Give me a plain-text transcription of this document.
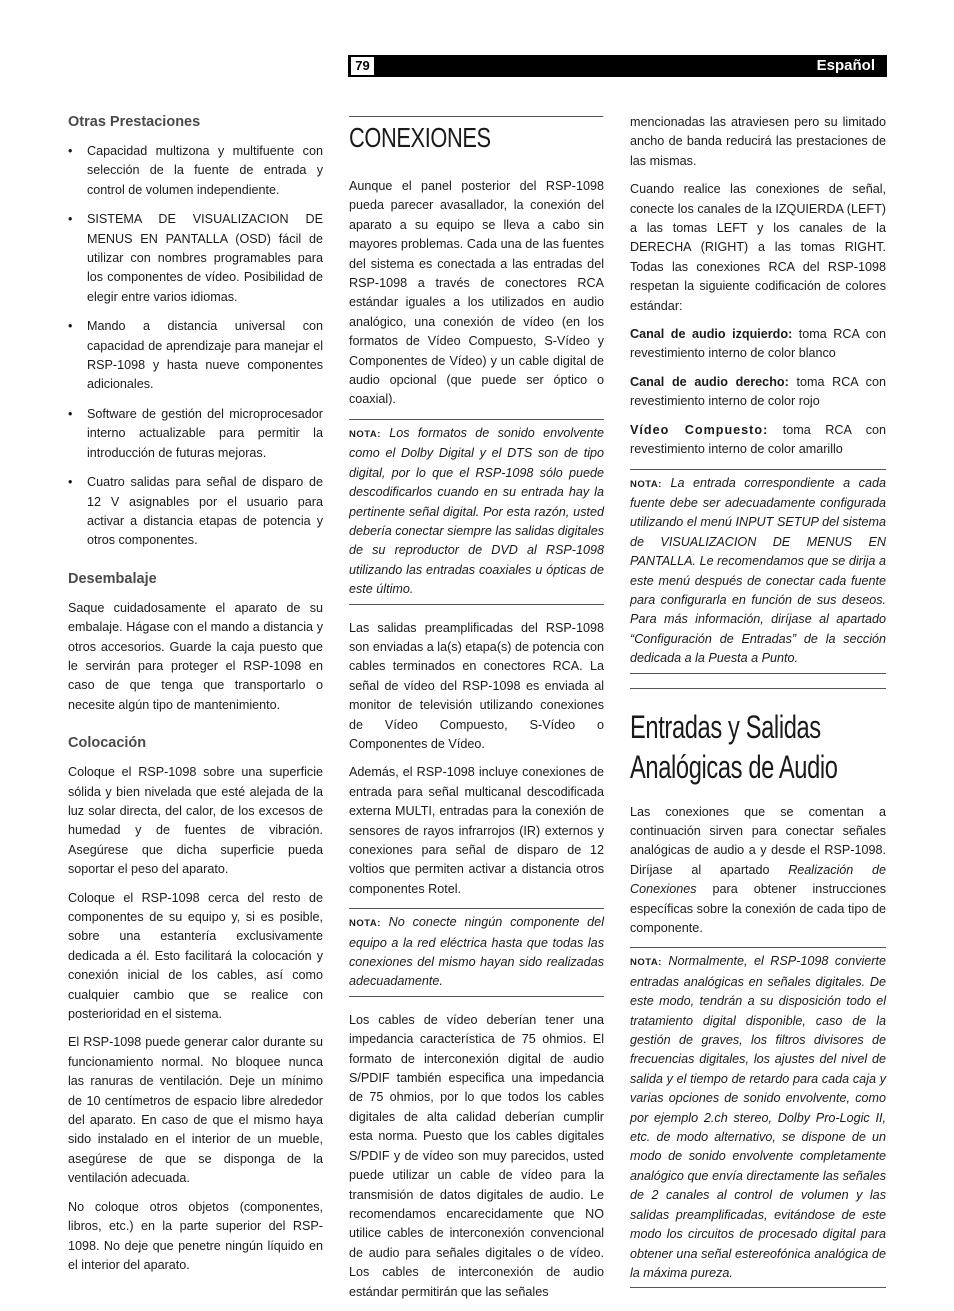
79	Español
Otras Prestaciones
• Capacidad multizona y multifuente con selección de la fuente de entrada y control de volumen independiente.
• SISTEMA DE VISUALIZACION DE MENUS EN PANTALLA (OSD) fácil de utilizar con nombres programables para los componentes de vídeo. Posibilidad de elegir entre varios idiomas.
• Mando a distancia universal con capacidad de aprendizaje para manejar el RSP-1098 y hasta nueve componentes adicionales.
• Software de gestión del microprocesador interno actualizable para permitir la introducción de futuras mejoras.
• Cuatro salidas para señal de disparo de 12 V asignables por el usuario para activar a distancia etapas de potencia y otros componentes.
Desembalaje

Saque cuidadosamente el aparato de su embalaje. Hágase con el mando a distancia y otros accesorios. Guarde la caja puesto que le servirán para proteger el RSP-1098 en caso de que tenga que transportarlo o necesite algún tipo de mantenimiento.

Colocación

Coloque el RSP-1098 sobre una superficie sólida y bien nivelada que esté alejada de la luz solar directa, del calor, de los excesos de humedad y de fuentes de vibración. Asegúrese que dicha superficie pueda soportar el peso del aparato.

Coloque el RSP-1098 cerca del resto de componentes de su equipo y, si es posible, sobre una estantería exclusivamente dedicada a él. Esto facilitará la colocación y conexión inicial de los cables, así como cualquier cambio que se realice con posterioridad en el sistema.

El RSP-1098 puede generar calor durante su funcionamiento normal. No bloquee nunca las ranuras de ventilación. Deje un mínimo de 10 centímetros de espacio libre alrededor del aparato. En caso de que el mismo haya sido instalado en el interior de un mueble, asegúrese de que se disponga de la ventilación adecuada.

No coloque otros objetos (componentes, libros, etc.) en la parte superior del RSP-1098. No deje que penetre ningún líquido en el interior del aparato.

CONEXIONES

Aunque el panel posterior del RSP-1098 pueda parecer avasallador, la conexión del aparato a su equipo se lleva a cabo sin mayores problemas. Cada una de las fuentes del sistema es conectada a las entradas del RSP-1098 a través de conectores RCA estándar iguales a los utilizados en audio analógico, una conexión de vídeo (en los formatos de Vídeo Compuesto, S-Vídeo y Componentes de Vídeo) y un cable digital de audio opcional (que puede ser óptico o coaxial).

NOTA: Los formatos de sonido envolvente como el Dolby Digital y el DTS son de tipo digital, por lo que el RSP-1098 sólo puede descodificarlos cuando en su entrada hay la pertinente señal digital. Por esta razón, usted debería conectar siempre las salidas digitales de su reproductor de DVD al RSP-1098 utilizando las entradas coaxiales u ópticas de este último.

Las salidas preamplificadas del RSP-1098 son enviadas a la(s) etapa(s) de potencia con cables terminados en conectores RCA. La señal de vídeo del RSP-1098 es enviada al monitor de televisión utilizando conexiones de Vídeo Compuesto, S-Vídeo o Componentes de Vídeo.

Además, el RSP-1098 incluye conexiones de entrada para señal multicanal descodificada externa MULTI, entradas para la conexión de sensores de rayos infrarrojos (IR) externos y conexiones para señal de disparo de 12 voltios que permiten activar a distancia otros componentes Rotel.

NOTA: No conecte ningún componente del equipo a la red eléctrica hasta que todas las conexiones del mismo hayan sido realizadas adecuadamente.

Los cables de vídeo deberían tener una impedancia característica de 75 ohmios. El formato de interconexión digital de audio S/PDIF también especifica una impedancia de 75 ohmios, por lo que todos los cables digitales de alta calidad deberían cumplir esta norma. Puesto que los cables digitales S/PDIF y de vídeo son muy parecidos, usted puede utilizar un cable de vídeo para la transmisión de datos digitales de audio. Le recomendamos encarecidamente que NO utilice cables de interconexión convencional de audio para señales digitales o de vídeo. Los cables de interconexión de audio estándar permitirán que las señales

mencionadas las atraviesen pero su limitado ancho de banda reducirá las prestaciones de las mismas.

Cuando realice las conexiones de señal, conecte los canales de la IZQUIERDA (LEFT) a las tomas LEFT y los canales de la DERECHA (RIGHT) a las tomas RIGHT. Todas las conexiones RCA del RSP-1098 respetan la siguiente codificación de colores estándar:

Canal de audio izquierdo: toma RCA con revestimiento interno de color blanco

Canal de audio derecho: toma RCA con revestimiento interno de color rojo

Vídeo Compuesto: toma RCA con revestimiento interno de color amarillo

NOTA: La entrada correspondiente a cada fuente debe ser adecuadamente configurada utilizando el menú INPUT SETUP del sistema de VISUALIZACION DE MENUS EN PANTALLA. Le recomendamos que se dirija a este menú después de conectar cada fuente para configurarla en función de sus deseos. Para más información, diríjase al apartado “Configuración de Entradas” de la sección dedicada a la Puesta a Punto.
Entradas y Salidas
Analógicas de Audio

Las conexiones que se comentan a continuación sirven para conectar señales analógicas de audio a y desde el RSP-1098. Diríjase al apartado Realización de Conexiones para obtener instrucciones específicas sobre la conexión de cada tipo de componente.

NOTA: Normalmente, el RSP-1098 convierte entradas analógicas en señales digitales. De este modo, tendrán a su disposición todo el tratamiento digital disponible, caso de la gestión de graves, los filtros divisores de frecuencias digitales, los ajustes del nivel de salida y el tiempo de retardo para cada caja y varias opciones de sonido envolvente, como por ejemplo 2.ch stereo, Dolby Pro-Logic II, etc. de modo alternativo, se dispone de un modo de sonido envolvente completamente analógico que envía directamente las señales de 2 canales al control de volumen y las salidas preamplificadas, evitándose de este modo los circuitos de procesado digital para obtener una señal estereofónica analógica de la máxima pureza.
